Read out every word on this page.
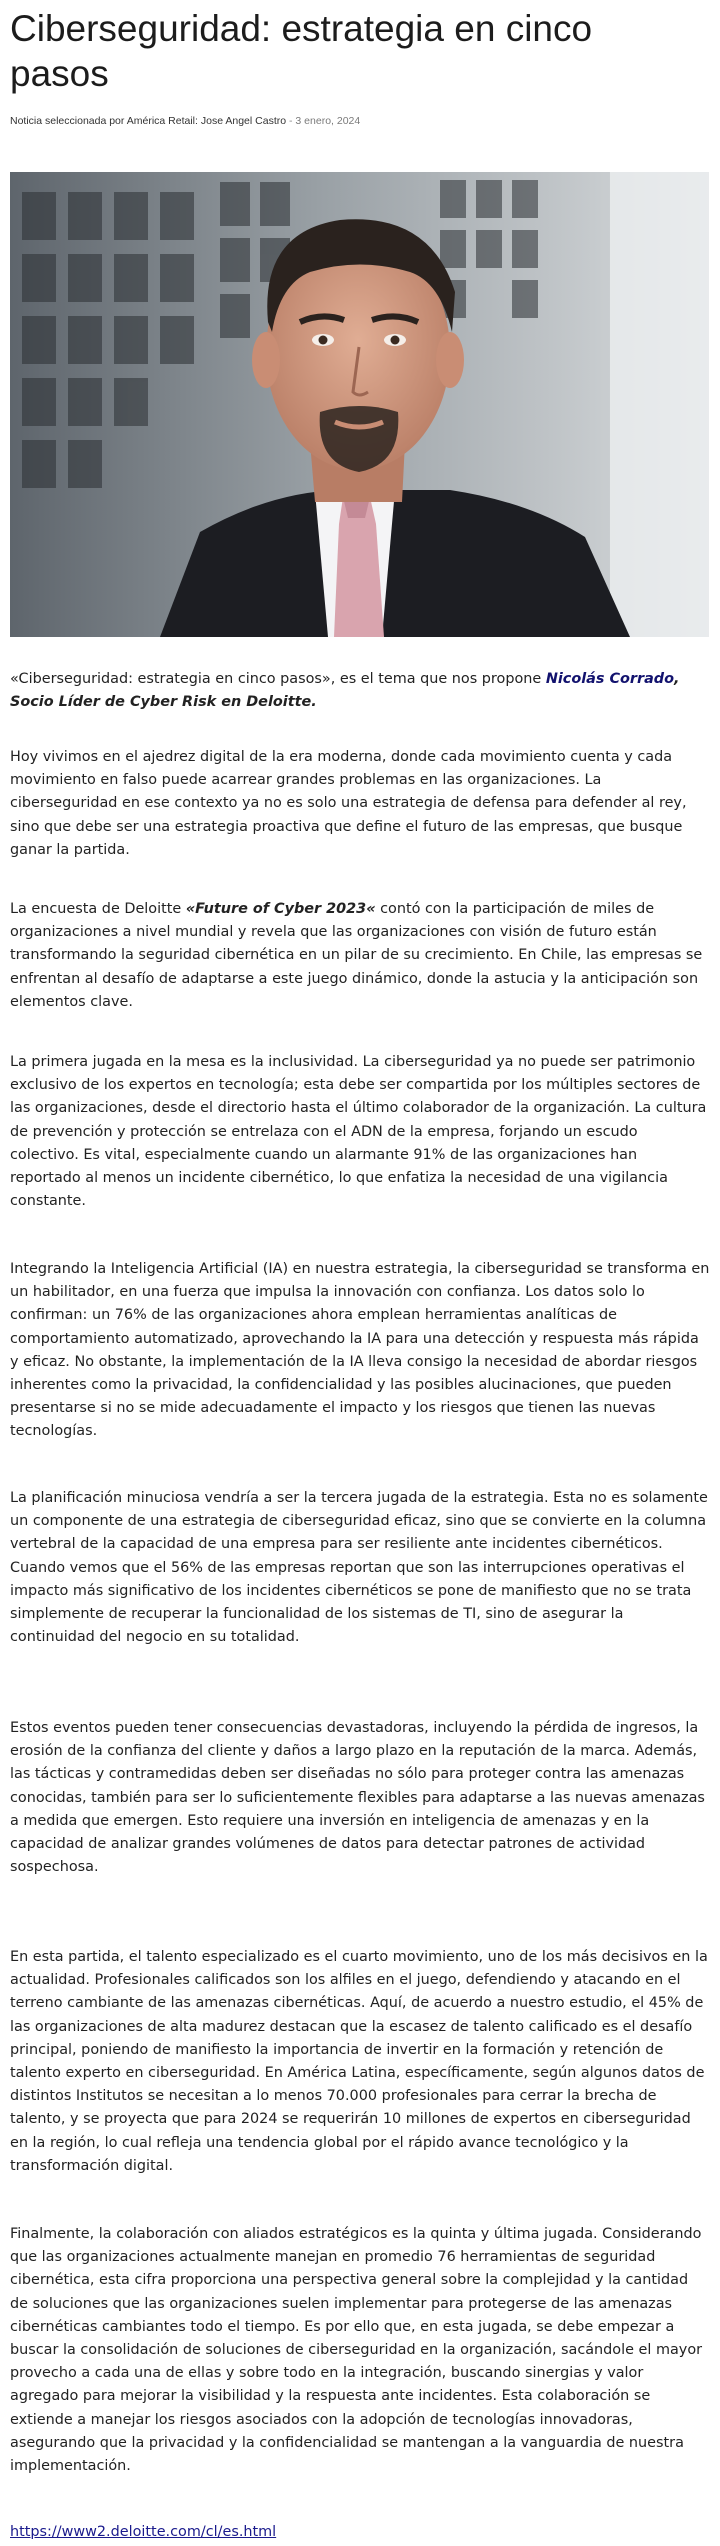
Ciberseguridad: estrategia en cinco pasos
Noticia seleccionada por América Retail: Jose Angel Castro - 3 enero, 2024

«Ciberseguridad: estrategia en cinco pasos», es el tema que nos propone Nicolás Corrado, Socio Líder de Cyber Risk en Deloitte.

Hoy vivimos en el ajedrez digital de la era moderna, donde cada movimiento cuenta y cada movimiento en falso puede acarrear grandes problemas en las organizaciones. La ciberseguridad en ese contexto ya no es solo una estrategia de defensa para defender al rey, sino que debe ser una estrategia proactiva que define el futuro de las empresas, que busque ganar la partida.

La encuesta de Deloitte «Future of Cyber 2023« contó con la participación de miles de organizaciones a nivel mundial y revela que las organizaciones con visión de futuro están transformando la seguridad cibernética en un pilar de su crecimiento. En Chile, las empresas se enfrentan al desafío de adaptarse a este juego dinámico, donde la astucia y la anticipación son elementos clave.

La primera jugada en la mesa es la inclusividad. La ciberseguridad ya no puede ser patrimonio exclusivo de los expertos en tecnología; esta debe ser compartida por los múltiples sectores de las organizaciones, desde el directorio hasta el último colaborador de la organización. La cultura de prevención y protección se entrelaza con el ADN de la empresa, forjando un escudo colectivo. Es vital, especialmente cuando un alarmante 91% de las organizaciones han reportado al menos un incidente cibernético, lo que enfatiza la necesidad de una vigilancia constante.

Integrando la Inteligencia Artificial (IA) en nuestra estrategia, la ciberseguridad se transforma en un habilitador, en una fuerza que impulsa la innovación con confianza. Los datos solo lo confirman: un 76% de las organizaciones ahora emplean herramientas analíticas de comportamiento automatizado, aprovechando la IA para una detección y respuesta más rápida y eficaz. No obstante, la implementación de la IA lleva consigo la necesidad de abordar riesgos inherentes como la privacidad, la confidencialidad y las posibles alucinaciones, que pueden presentarse si no se mide adecuadamente el impacto y los riesgos que tienen las nuevas tecnologías.

La planificación minuciosa vendría a ser la tercera jugada de la estrategia. Esta no es solamente un componente de una estrategia de ciberseguridad eficaz, sino que se convierte en la columna vertebral de la capacidad de una empresa para ser resiliente ante incidentes cibernéticos. Cuando vemos que el 56% de las empresas reportan que son las interrupciones operativas el impacto más significativo de los incidentes cibernéticos se pone de manifiesto que no se trata simplemente de recuperar la funcionalidad de los sistemas de TI, sino de asegurar la continuidad del negocio en su totalidad.

Estos eventos pueden tener consecuencias devastadoras, incluyendo la pérdida de ingresos, la erosión de la confianza del cliente y daños a largo plazo en la reputación de la marca. Además, las tácticas y contramedidas deben ser diseñadas no sólo para proteger contra las amenazas conocidas, también para ser lo suficientemente flexibles para adaptarse a las nuevas amenazas a medida que emergen. Esto requiere una inversión en inteligencia de amenazas y en la capacidad de analizar grandes volúmenes de datos para detectar patrones de actividad sospechosa.

En esta partida, el talento especializado es el cuarto movimiento, uno de los más decisivos en la actualidad. Profesionales calificados son los alfiles en el juego, defendiendo y atacando en el terreno cambiante de las amenazas cibernéticas. Aquí, de acuerdo a nuestro estudio, el 45% de las organizaciones de alta madurez destacan que la escasez de talento calificado es el desafío principal, poniendo de manifiesto la importancia de invertir en la formación y retención de talento experto en ciberseguridad. En América Latina, específicamente, según algunos datos de distintos Institutos se necesitan a lo menos 70.000 profesionales para cerrar la brecha de talento, y se proyecta que para 2024 se requerirán 10 millones de expertos en ciberseguridad en la región, lo cual refleja una tendencia global por el rápido avance tecnológico y la transformación digital.

Finalmente, la colaboración con aliados estratégicos es la quinta y última jugada. Considerando que las organizaciones actualmente manejan en promedio 76 herramientas de seguridad cibernética, esta cifra proporciona una perspectiva general sobre la complejidad y la cantidad de soluciones que las organizaciones suelen implementar para protegerse de las amenazas cibernéticas cambiantes todo el tiempo. Es por ello que, en esta jugada, se debe empezar a buscar la consolidación de soluciones de ciberseguridad en la organización, sacándole el mayor provecho a cada una de ellas y sobre todo en la integración, buscando sinergias y valor agregado para mejorar la visibilidad y la respuesta ante incidentes. Esta colaboración se extiende a manejar los riesgos asociados con la adopción de tecnologías innovadoras, asegurando que la privacidad y la confidencialidad se mantengan a la vanguardia de nuestra implementación.

https://www2.deloitte.com/cl/es.html
